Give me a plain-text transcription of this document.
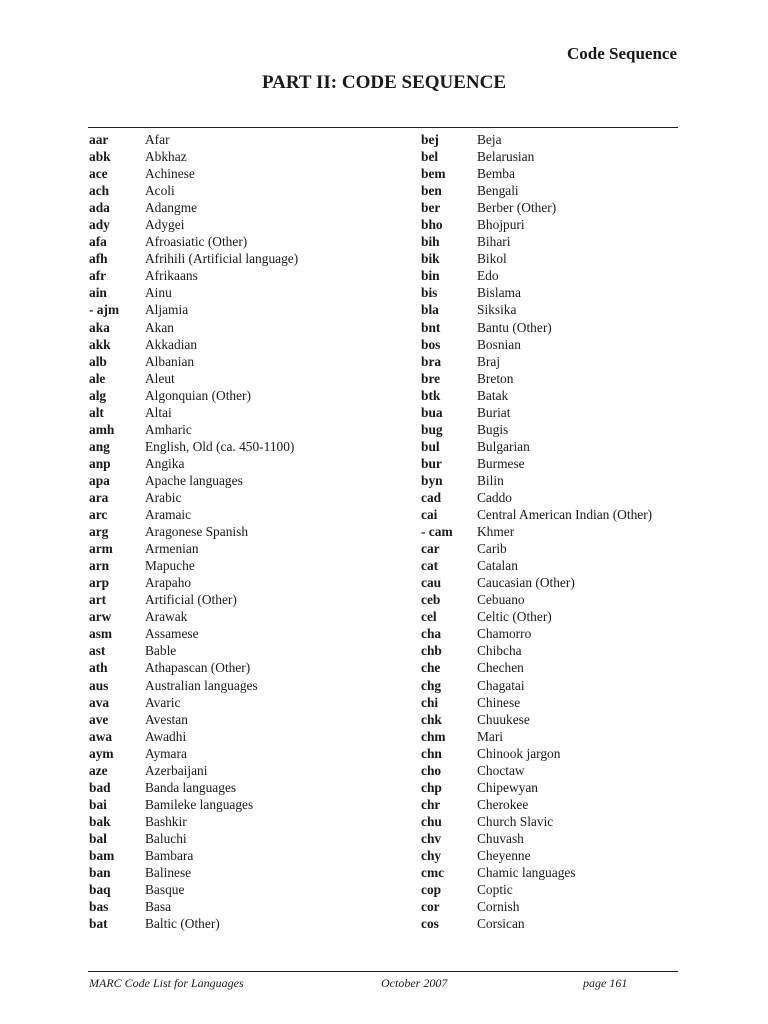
Code Sequence
PART II: CODE SEQUENCE
aar	Afar
abk	Abkhaz
ace	Achinese
ach	Acoli
ada	Adangme
ady	Adygei
afa	Afroasiatic (Other)
afh	Afrihili (Artificial language)
afr	Afrikaans
ain	Ainu
- ajm Aljamia
aka	Akan
akk	Akkadian
alb	Albanian
ale	Aleut
alg	Algonquian (Other)
alt	Altai
amh Amharic
ang	English, Old (ca. 450-1100)
anp	Angika
apa	Apache languages
ara	Arabic
arc	Aramaic
arg	Aragonese Spanish
arm Armenian
arn	Mapuche
arp	Arapaho
art	Artificial (Other)
arw	Arawak
asm Assamese
ast	Bable
ath	Athapascan (Other)
aus	Australian languages
ava	Avaric
ave	Avestan
awa Awadhi
aym Aymara
aze	Azerbaijani
bad	Banda languages
bai	Bamileke languages
bak	Bashkir
bal	Baluchi
bam Bambara
ban	Balinese
baq	Basque
bas	Basa
bat	Baltic (Other)
bej	Beja
bel	Belarusian
bem Bemba
ben	Bengali
ber	Berber (Other)
bho	Bhojpuri
bih	Bihari
bik	Bikol
bin	Edo
bis	Bislama
bla	Siksika
bnt	Bantu (Other)
bos	Bosnian
bra	Braj
bre	Breton
btk	Batak
bua	Buriat
bug	Bugis
bul	Bulgarian
bur	Burmese
byn	Bilin
cad	Caddo
cai	Central American Indian (Other)
- cam Khmer
car	Carib
cat	Catalan
cau	Caucasian (Other)
ceb	Cebuano
cel	Celtic (Other)
cha	Chamorro
chb	Chibcha
che	Chechen
chg	Chagatai
chi	Chinese
chk	Chuukese
chm Mari
chn	Chinook jargon
cho	Choctaw
chp	Chipewyan
chr	Cherokee
chu	Church Slavic
chv	Chuvash
chy	Cheyenne
cmc Chamic languages
cop	Coptic
cor	Cornish
cos	Corsican
MARC Code List for Languages	October 2007	page 161
